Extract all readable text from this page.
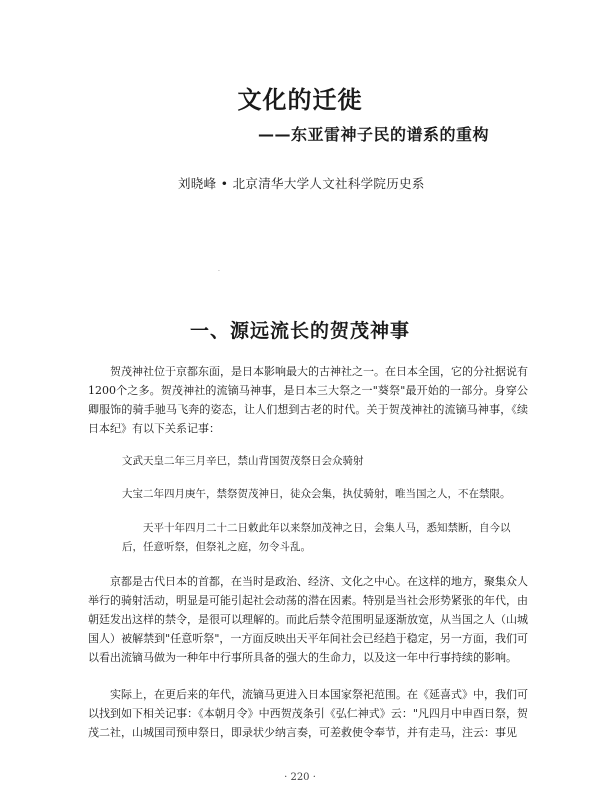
文化的迁徙
——东亚雷神子民的谱系的重构
刘晓峰 • 北京清华大学人文社科学院历史系
.
一、源远流长的贺茂神事
贺茂神社位于京都东面，是日本影响最大的古神社之一。在日本全国，它的分社据说有1200个之多。贺茂神社的流镝马神事，是日本三大祭之一"葵祭"最开始的一部分。身穿公卿服饰的骑手驰马飞奔的姿态，让人们想到古老的时代。关于贺茂神社的流镝马神事，《续日本纪》有以下关系记事：
文武天皇二年三月辛巳，禁山背国贺茂祭日会众骑射
大宝二年四月庚午，禁祭贺茂神日，徒众会集，执仗骑射，唯当国之人，不在禁限。
天平十年四月二十二日敕此年以来祭加茂神之日，会集人马，悉知禁断，自今以后，任意听祭，但祭礼之庭，勿令斗乱。
京都是古代日本的首都，在当时是政治、经济、文化之中心。在这样的地方，聚集众人举行的骑射活动，明显是可能引起社会动荡的潜在因素。特别是当社会形势紧张的年代，由朝廷发出这样的禁令，是很可以理解的。而此后禁令范围明显逐渐放宽，从当国之人（山城国人）被解禁到"任意听祭"，一方面反映出天平年间社会已经趋于稳定，另一方面，我们可以看出流镝马做为一种年中行事所具备的强大的生命力，以及这一年中行事持续的影响。
实际上，在更后来的年代，流镝马更进入日本国家祭祀范围。在《延喜式》中，我们可以找到如下相关记事：《本朝月令》中西贺茂条引《弘仁神式》云："凡四月中申酉日祭，贺茂二社，山城国司预申祭日，即录状少纳言奏，可差救使令奉节，并有走马，注云：事见
· 220 ·
